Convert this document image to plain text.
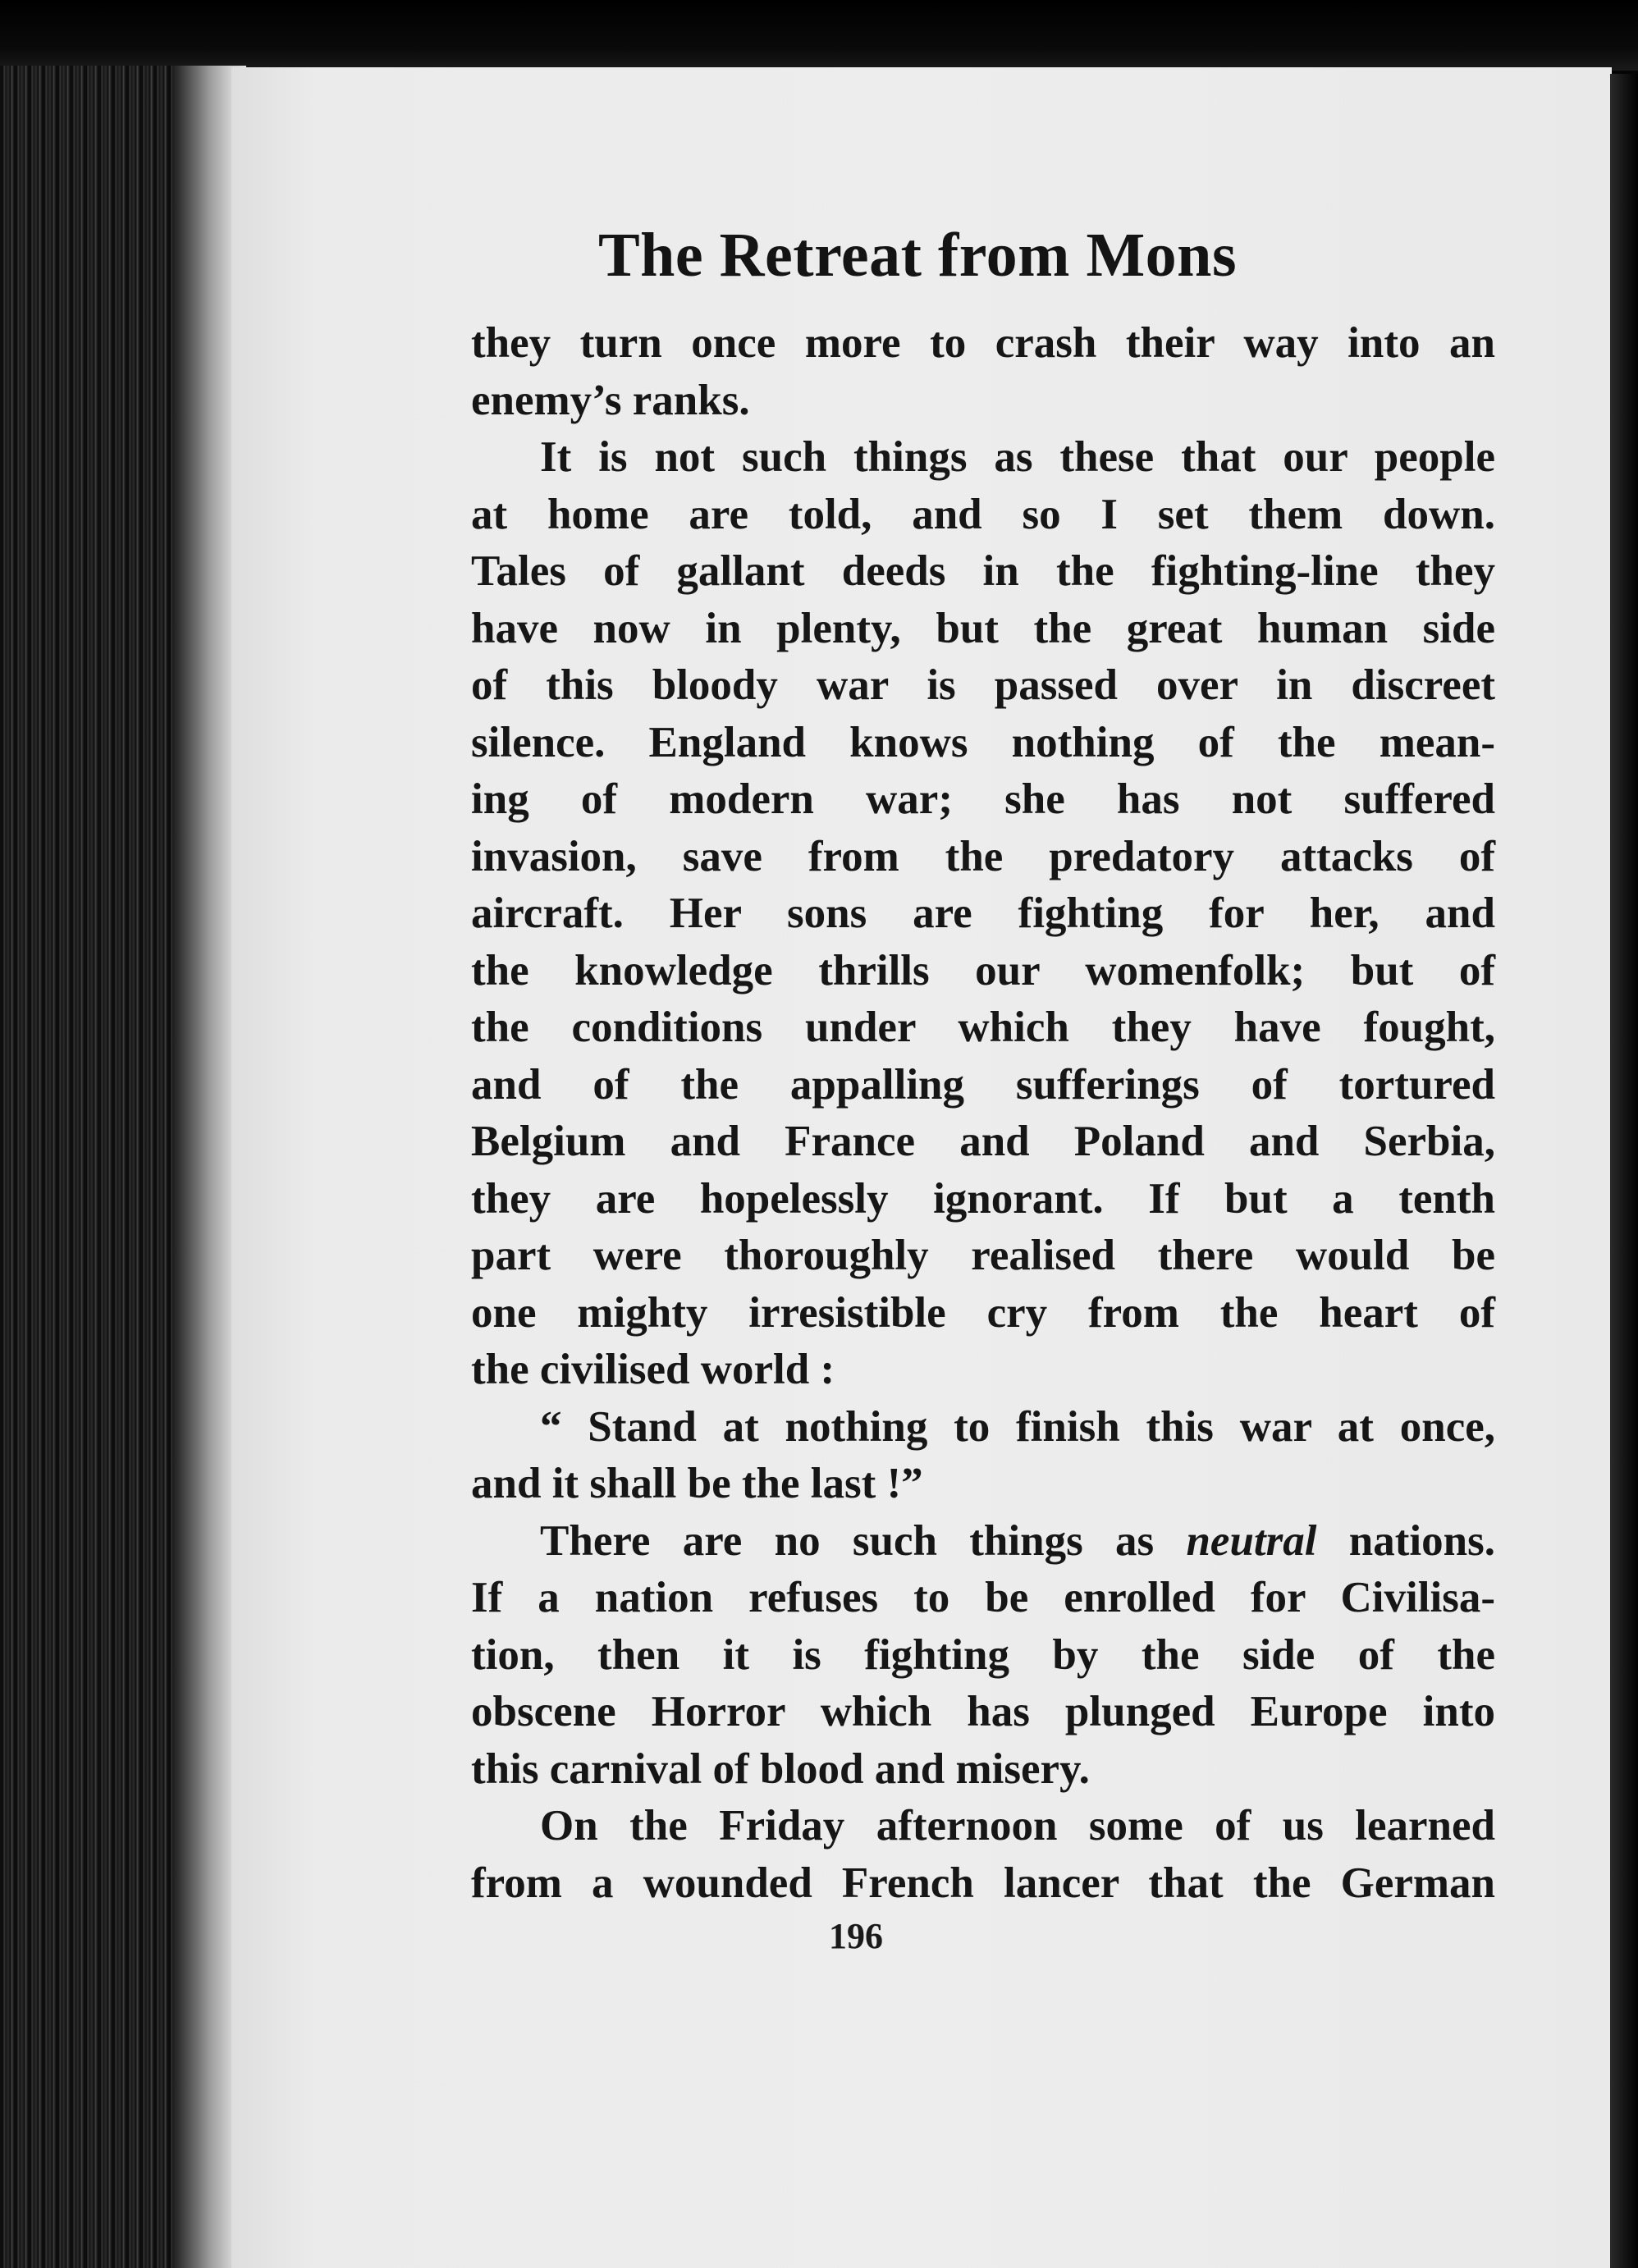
The Retreat from Mons
they turn once more to crash their way into an
enemy’s ranks.
It is not such things as these that our people
at home are told, and so I set them down.
Tales of gallant deeds in the fighting-line they
have now in plenty, but the great human side
of this bloody war is passed over in discreet
silence. England knows nothing of the mean-
ing of modern war; she has not suffered
invasion, save from the predatory attacks of
aircraft. Her sons are fighting for her, and
the knowledge thrills our womenfolk; but of
the conditions under which they have fought,
and of the appalling sufferings of tortured
Belgium and France and Poland and Serbia,
they are hopelessly ignorant. If but a tenth
part were thoroughly realised there would be
one mighty irresistible cry from the heart of
the civilised world :
“ Stand at nothing to finish this war at once,
and it shall be the last !”
There are no such things as neutral nations.
If a nation refuses to be enrolled for Civilisa-
tion, then it is fighting by the side of the
obscene Horror which has plunged Europe into
this carnival of blood and misery.
On the Friday afternoon some of us learned
from a wounded French lancer that the German
196
